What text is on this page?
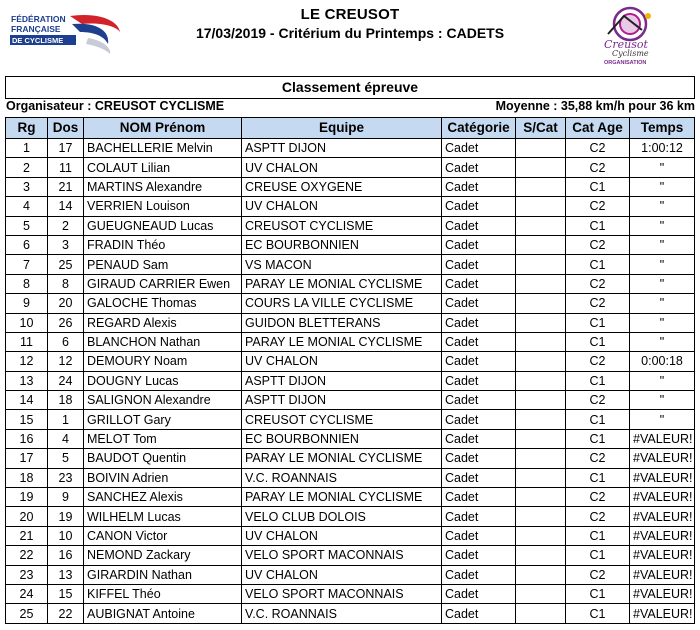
FÉDÉRATION
FRANÇAISE
DE CYCLISME
LE CREUSOT
17/03/2019 - Critérium du Printemps : CADETS
Creusot
Cyclisme
ORGANISATION
Classement épreuve
Organisateur : CREUSOT CYCLISME	Moyenne : 35,88 km/h pour 36 km
Rg	Dos	NOM Prénom	Equipe	Catégorie	S/Cat	Cat Age	Temps
1	17	BACHELLERIE Melvin	ASPTT DIJON	Cadet		C2	1:00:12
2	11	COLAUT Lilian	UV CHALON	Cadet		C2	"
3	21	MARTINS Alexandre	CREUSE OXYGENE	Cadet		C1	"
4	14	VERRIEN Louison	UV CHALON	Cadet		C2	"
5	2	GUEUGNEAUD Lucas	CREUSOT CYCLISME	Cadet		C1	"
6	3	FRADIN Théo	EC BOURBONNIEN	Cadet		C2	"
7	25	PENAUD Sam	VS MACON	Cadet		C1	"
8	8	GIRAUD CARRIER Ewen	PARAY LE MONIAL CYCLISME	Cadet		C2	"
9	20	GALOCHE Thomas	COURS LA VILLE CYCLISME	Cadet		C2	"
10	26	REGARD Alexis	GUIDON BLETTERANS	Cadet		C1	"
11	6	BLANCHON Nathan	PARAY LE MONIAL CYCLISME	Cadet		C1	"
12	12	DEMOURY Noam	UV CHALON	Cadet		C2	0:00:18
13	24	DOUGNY Lucas	ASPTT DIJON	Cadet		C1	"
14	18	SALIGNON Alexandre	ASPTT DIJON	Cadet		C2	"
15	1	GRILLOT Gary	CREUSOT CYCLISME	Cadet		C1	"
16	4	MELOT Tom	EC BOURBONNIEN	Cadet		C1	#VALEUR!
17	5	BAUDOT Quentin	PARAY LE MONIAL CYCLISME	Cadet		C2	#VALEUR!
18	23	BOIVIN Adrien	V.C. ROANNAIS	Cadet		C1	#VALEUR!
19	9	SANCHEZ Alexis	PARAY LE MONIAL CYCLISME	Cadet		C2	#VALEUR!
20	19	WILHELM Lucas	VELO CLUB DOLOIS	Cadet		C2	#VALEUR!
21	10	CANON Victor	UV CHALON	Cadet		C1	#VALEUR!
22	16	NEMOND Zackary	VELO SPORT MACONNAIS	Cadet		C1	#VALEUR!
23	13	GIRARDIN Nathan	UV CHALON	Cadet		C2	#VALEUR!
24	15	KIFFEL Théo	VELO SPORT MACONNAIS	Cadet		C1	#VALEUR!
25	22	AUBIGNAT Antoine	V.C. ROANNAIS	Cadet		C1	#VALEUR!
